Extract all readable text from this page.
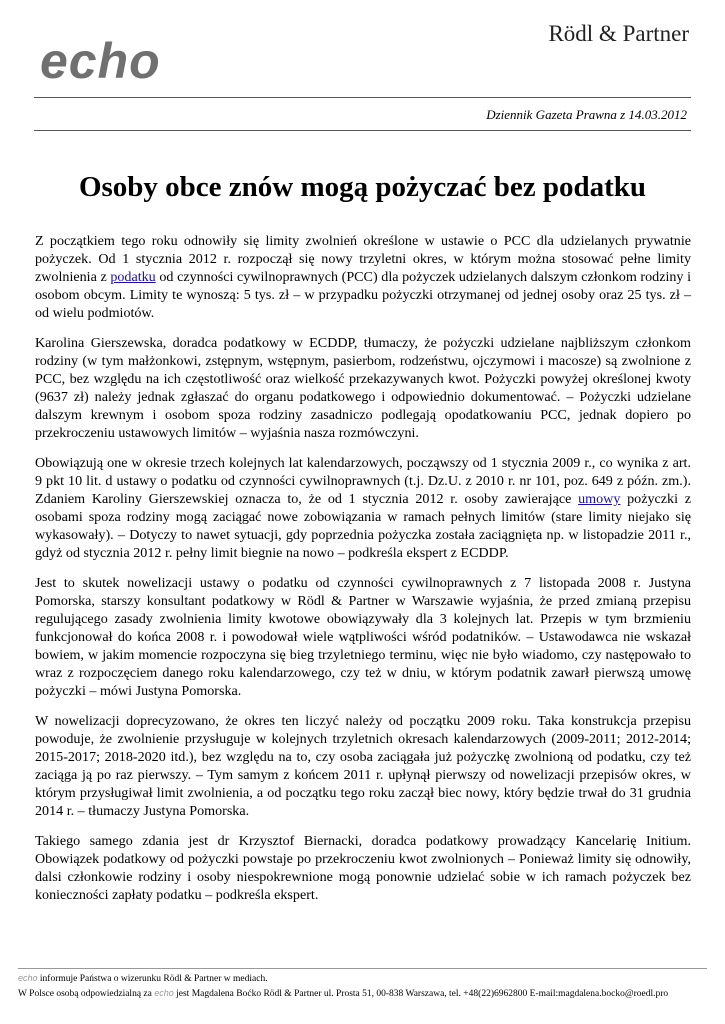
echo	Rödl & Partner
Dziennik Gazeta Prawna z 14.03.2012
Osoby obce znów mogą pożyczać bez podatku

Z początkiem tego roku odnowiły się limity zwolnień określone w ustawie o PCC dla udzielanych prywatnie pożyczek. Od 1 stycznia 2012 r. rozpoczął się nowy trzyletni okres, w którym można stosować pełne limity zwolnienia z podatku od czynności cywilnoprawnych (PCC) dla pożyczek udzielanych dalszym członkom rodziny i osobom obcym. Limity te wynoszą: 5 tys. zł – w przypadku pożyczki otrzymanej od jednej osoby oraz 25 tys. zł – od wielu podmiotów.

Karolina Gierszewska, doradca podatkowy w ECDDP, tłumaczy, że pożyczki udzielane najbliższym członkom rodziny (w tym małżonkowi, zstępnym, wstępnym, pasierbom, rodzeństwu, ojczymowi i macosze) są zwolnione z PCC, bez względu na ich częstotliwość oraz wielkość przekazywanych kwot. Pożyczki powyżej określonej kwoty (9637 zł) należy jednak zgłaszać do organu podatkowego i odpowiednio dokumentować. – Pożyczki udzielane dalszym krewnym i osobom spoza rodziny zasadniczo podlegają opodatkowaniu PCC, jednak dopiero po przekroczeniu ustawowych limitów – wyjaśnia nasza rozmówczyni.

Obowiązują one w okresie trzech kolejnych lat kalendarzowych, począwszy od 1 stycznia 2009 r., co wynika z art. 9 pkt 10 lit. d ustawy o podatku od czynności cywilnoprawnych (t.j. Dz.U. z 2010 r. nr 101, poz. 649 z późn. zm.). Zdaniem Karoliny Gierszewskiej oznacza to, że od 1 stycznia 2012 r. osoby zawierające umowy pożyczki z osobami spoza rodziny mogą zaciągać nowe zobowiązania w ramach pełnych limitów (stare limity niejako się wykasowały). – Dotyczy to nawet sytuacji, gdy poprzednia pożyczka została zaciągnięta np. w listopadzie 2011 r., gdyż od stycznia 2012 r. pełny limit biegnie na nowo – podkreśla ekspert z ECDDP.

Jest to skutek nowelizacji ustawy o podatku od czynności cywilnoprawnych z 7 listopada 2008 r. Justyna Pomorska, starszy konsultant podatkowy w Rödl & Partner w Warszawie wyjaśnia, że przed zmianą przepisu regulującego zasady zwolnienia limity kwotowe obowiązywały dla 3 kolejnych lat. Przepis w tym brzmieniu funkcjonował do końca 2008 r. i powodował wiele wątpliwości wśród podatników. – Ustawodawca nie wskazał bowiem, w jakim momencie rozpoczyna się bieg trzyletniego terminu, więc nie było wiadomo, czy następowało to wraz z rozpoczęciem danego roku kalendarzowego, czy też w dniu, w którym podatnik zawarł pierwszą umowę pożyczki – mówi Justyna Pomorska.

W nowelizacji doprecyzowano, że okres ten liczyć należy od początku 2009 roku. Taka konstrukcja przepisu powoduje, że zwolnienie przysługuje w kolejnych trzyletnich okresach kalendarzowych (2009-2011; 2012-2014; 2015-2017; 2018-2020 itd.), bez względu na to, czy osoba zaciągała już pożyczkę zwolnioną od podatku, czy też zaciąga ją po raz pierwszy. – Tym samym z końcem 2011 r. upłynął pierwszy od nowelizacji przepisów okres, w którym przysługiwał limit zwolnienia, a od początku tego roku zaczął biec nowy, który będzie trwał do 31 grudnia 2014 r. – tłumaczy Justyna Pomorska.

Takiego samego zdania jest dr Krzysztof Biernacki, doradca podatkowy prowadzący Kancelarię Initium. Obowiązek podatkowy od pożyczki powstaje po przekroczeniu kwot zwolnionych – Ponieważ limity się odnowiły, dalsi członkowie rodziny i osoby niespokrewnione mogą ponownie udzielać sobie w ich ramach pożyczek bez konieczności zapłaty podatku – podkreśla ekspert.

echo informuje Państwa o wizerunku Rödl & Partner w mediach.
W Polsce osobą odpowiedzialną za echo jest Magdalena Boćko Rödl & Partner ul. Prosta 51, 00-838 Warszawa, tel. +48(22)6962800 E-mail:magdalena.bocko@roedl.pro
